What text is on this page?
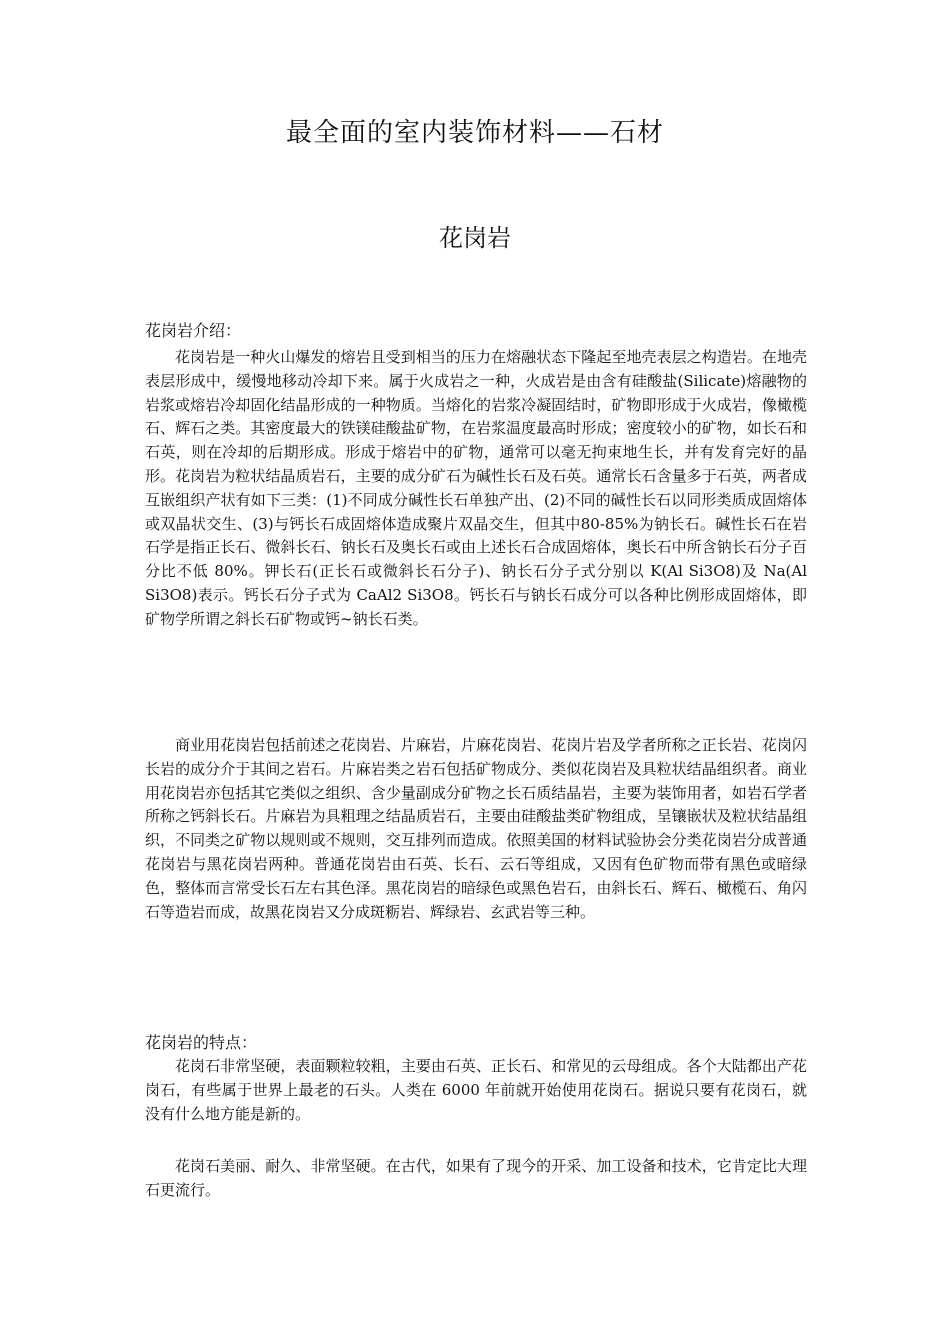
最全面的室内装饰材料——石材
花岗岩
花岗岩介绍：

花岗岩是一种火山爆发的熔岩且受到相当的压力在熔融状态下隆起至地壳表层之构造岩。在地壳表层形成中，缓慢地移动冷却下来。属于火成岩之一种，火成岩是由含有硅酸盐(Silicate)熔融物的岩浆或熔岩冷却固化结晶形成的一种物质。当熔化的岩浆冷凝固结时，矿物即形成于火成岩，像橄榄石、辉石之类。其密度最大的铁镁硅酸盐矿物，在岩浆温度最高时形成；密度较小的矿物，如长石和石英，则在冷却的后期形成。形成于熔岩中的矿物，通常可以毫无拘束地生长，并有发育完好的晶形。花岗岩为粒状结晶质岩石，主要的成分矿石为碱性长石及石英。通常长石含量多于石英，两者成互嵌组织产状有如下三类：(1)不同成分碱性长石单独产出、(2)不同的碱性长石以同形类质成固熔体或双晶状交生、(3)与钙长石成固熔体造成聚片双晶交生，但其中80-85%为钠长石。碱性长石在岩石学是指正长石、微斜长石、钠长石及奥长石或由上述长石合成固熔体，奥长石中所含钠长石分子百分比不低 80%。钾长石(正长石或微斜长石分子)、钠长石分子式分别以 K(Al Si3O8)及 Na(Al Si3O8)表示。钙长石分子式为 CaAl2 Si3O8。钙长石与钠长石成分可以各种比例形成固熔体，即矿物学所谓之斜长石矿物或钙~钠长石类。

商业用花岗岩包括前述之花岗岩、片麻岩，片麻花岗岩、花岗片岩及学者所称之正长岩、花岗闪长岩的成分介于其间之岩石。片麻岩类之岩石包括矿物成分、类似花岗岩及具粒状结晶组织者。商业用花岗岩亦包括其它类似之组织、含少量副成分矿物之长石质结晶岩，主要为装饰用者，如岩石学者所称之钙斜长石。片麻岩为具粗理之结晶质岩石，主要由硅酸盐类矿物组成，呈镶嵌状及粒状结晶组织，不同类之矿物以规则或不规则，交互排列而造成。依照美国的材料试验协会分类花岗岩分成普通花岗岩与黑花岗岩两种。普通花岗岩由石英、长石、云石等组成，又因有色矿物而带有黑色或暗绿色，整体而言常受长石左右其色泽。黑花岗岩的暗绿色或黑色岩石，由斜长石、辉石、橄榄石、角闪石等造岩而成，故黑花岗岩又分成斑粝岩、辉绿岩、玄武岩等三种。

花岗岩的特点：

花岗石非常坚硬，表面颗粒较粗，主要由石英、正长石、和常见的云母组成。各个大陆都出产花岗石，有些属于世界上最老的石头。人类在 6000 年前就开始使用花岗石。据说只要有花岗石，就没有什么地方能是新的。

花岗石美丽、耐久、非常坚硬。在古代，如果有了现今的开采、加工设备和技术，它肯定比大理石更流行。
